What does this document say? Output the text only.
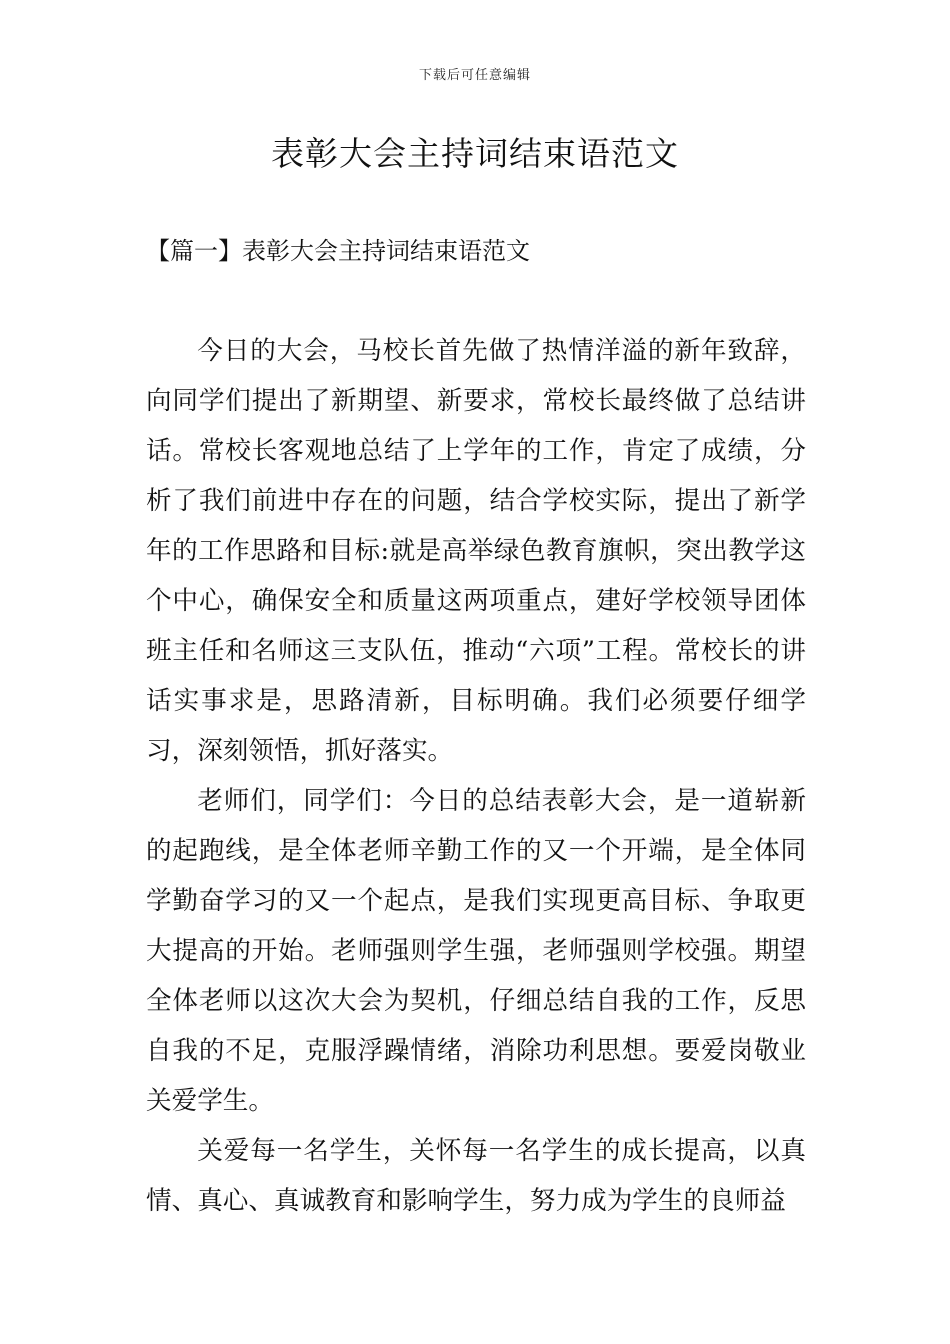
下载后可任意编辑
表彰大会主持词结束语范文
【篇一】表彰大会主持词结束语范文

今日的大会，马校长首先做了热情洋溢的新年致辞，向同学们提出了新期望、新要求，常校长最终做了总结讲话。常校长客观地总结了上学年的工作，肯定了成绩，分析了我们前进中存在的问题，结合学校实际，提出了新学年的工作思路和目标:就是高举绿色教育旗帜，突出教学这个中心，确保安全和质量这两项重点，建好学校领导团体班主任和名师这三支队伍，推动“六项”工程。常校长的讲话实事求是，思路清新，目标明确。我们必须要仔细学习，深刻领悟，抓好落实。

老师们，同学们：今日的总结表彰大会，是一道崭新的起跑线，是全体老师辛勤工作的又一个开端，是全体同学勤奋学习的又一个起点，是我们实现更高目标、争取更大提高的开始。老师强则学生强，老师强则学校强。期望全体老师以这次大会为契机，仔细总结自我的工作，反思自我的不足，克服浮躁情绪，消除功利思想。要爱岗敬业关爱学生。

关爱每一名学生，关怀每一名学生的成长提高，以真情、真心、真诚教育和影响学生，努力成为学生的良师益
